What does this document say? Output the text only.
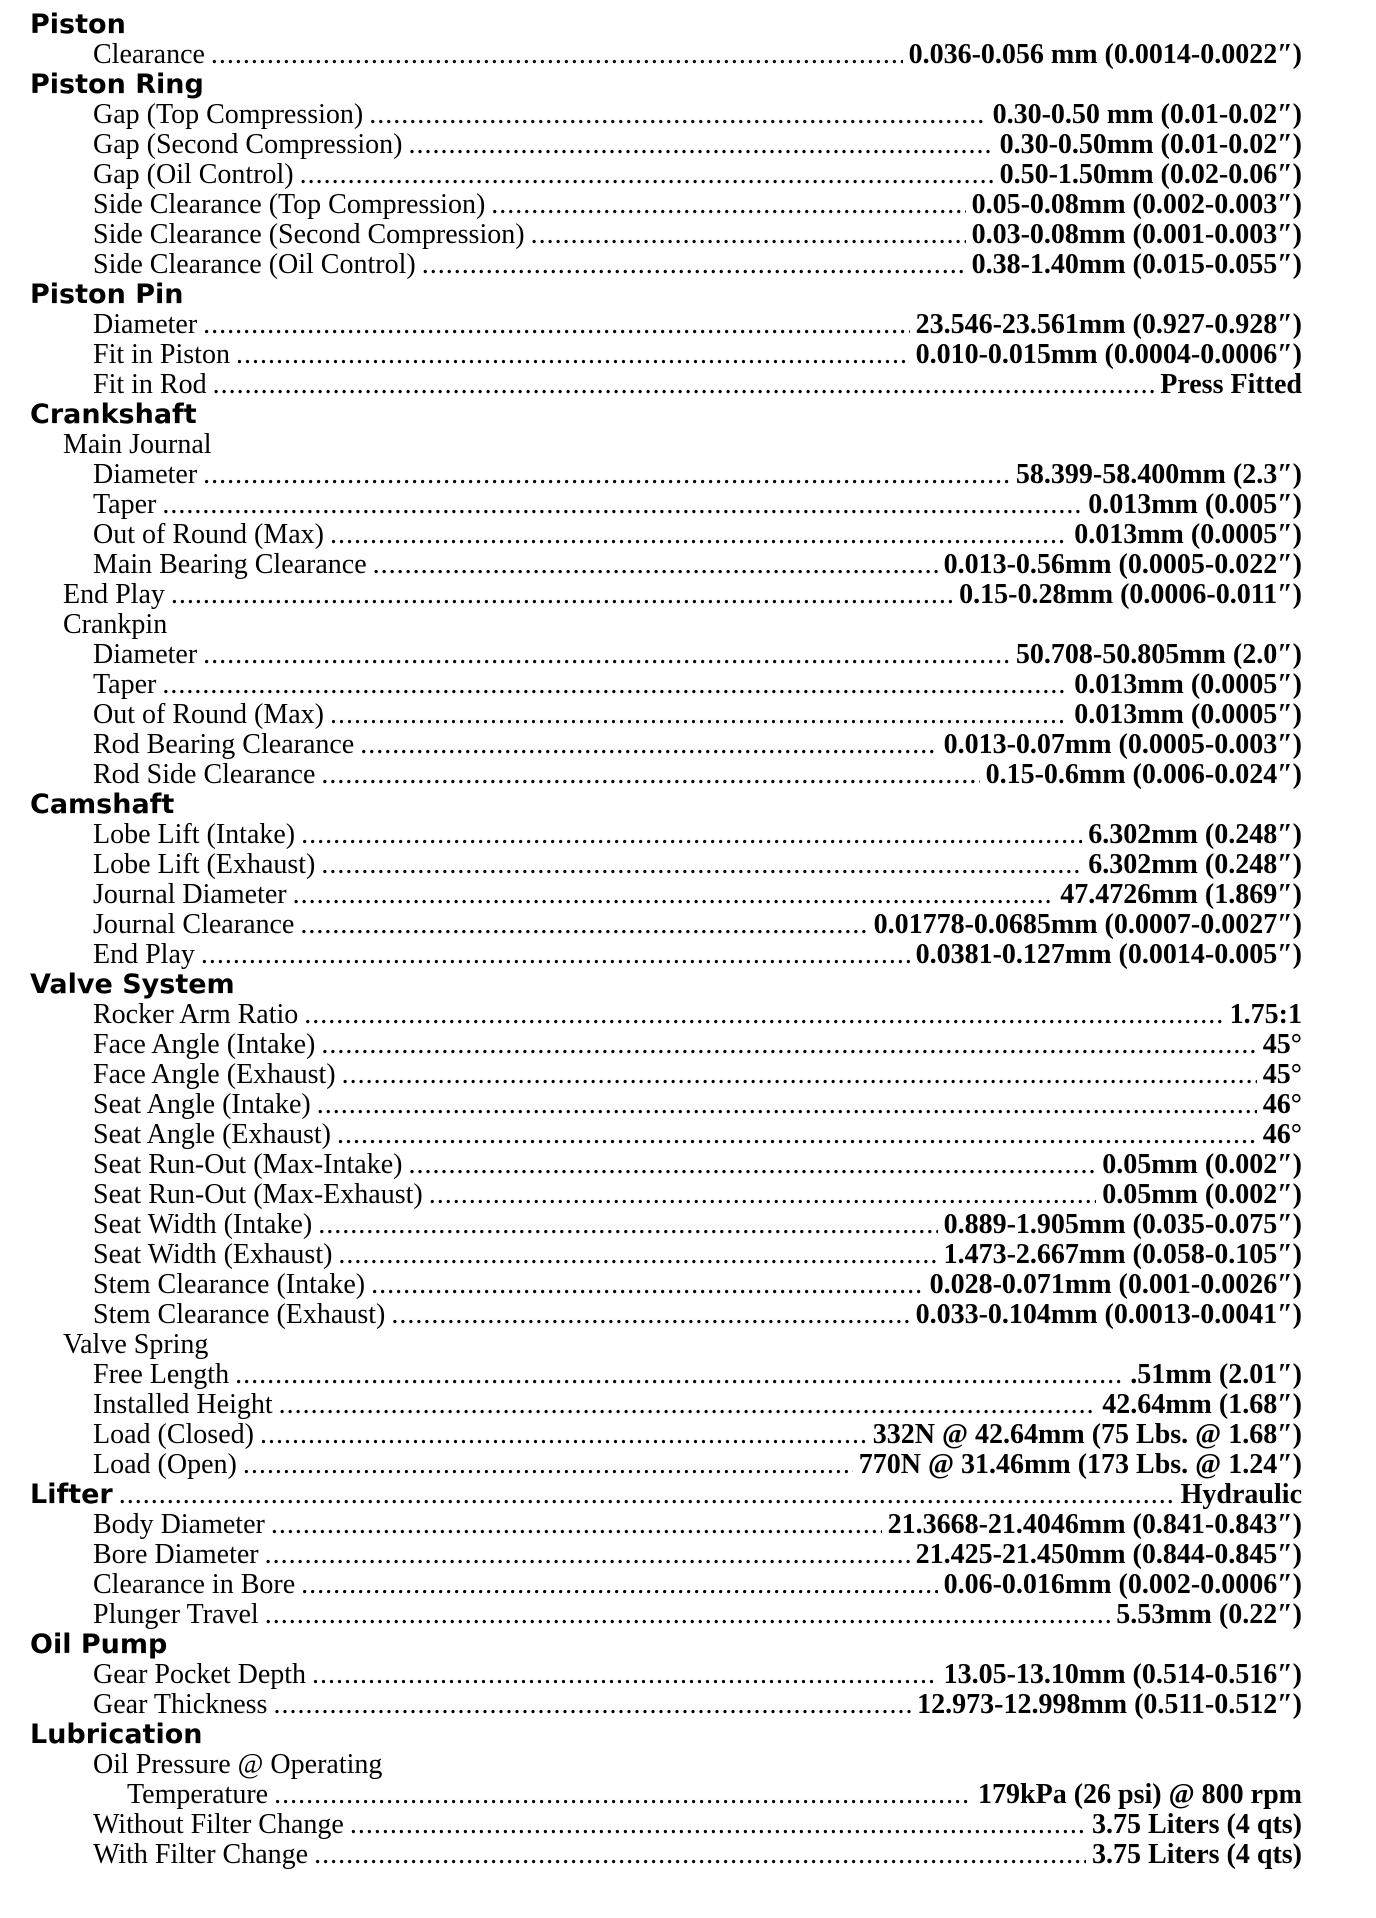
Piston
Clearance .....	0.036-0.056 mm (0.0014-0.0022″)
Piston Ring
Gap (Top Compression) .....	0.30-0.50 mm (0.01-0.02″)
Gap (Second Compression) .....	0.30-0.50mm (0.01-0.02″)
Gap (Oil Control) .....	0.50-1.50mm (0.02-0.06″)
Side Clearance (Top Compression) .....	0.05-0.08mm (0.002-0.003″)
Side Clearance (Second Compression) .....	0.03-0.08mm (0.001-0.003″)
Side Clearance (Oil Control) .....	0.38-1.40mm (0.015-0.055″)
Piston Pin
Diameter .....	23.546-23.561mm (0.927-0.928″)
Fit in Piston .....	0.010-0.015mm (0.0004-0.0006″)
Fit in Rod .....	Press Fitted
Crankshaft
Main Journal
Diameter .....	58.399-58.400mm (2.3″)
Taper .....	0.013mm (0.005″)
Out of Round (Max) .....	0.013mm (0.0005″)
Main Bearing Clearance .....	0.013-0.56mm (0.0005-0.022″)
End Play .....	0.15-0.28mm (0.0006-0.011″)
Crankpin
Diameter .....	50.708-50.805mm (2.0″)
Taper .....	0.013mm (0.0005″)
Out of Round (Max) .....	0.013mm (0.0005″)
Rod Bearing Clearance .....	0.013-0.07mm (0.0005-0.003″)
Rod Side Clearance .....	0.15-0.6mm (0.006-0.024″)
Camshaft
Lobe Lift (Intake) .....	6.302mm (0.248″)
Lobe Lift (Exhaust) .....	6.302mm (0.248″)
Journal Diameter .....	47.4726mm (1.869″)
Journal Clearance .....	0.01778-0.0685mm (0.0007-0.0027″)
End Play .....	0.0381-0.127mm (0.0014-0.005″)
Valve System
Rocker Arm Ratio .....	1.75:1
Face Angle (Intake) .....	45°
Face Angle (Exhaust) .....	45°
Seat Angle (Intake) .....	46°
Seat Angle (Exhaust) .....	46°
Seat Run-Out (Max-Intake) .....	0.05mm (0.002″)
Seat Run-Out (Max-Exhaust) .....	0.05mm (0.002″)
Seat Width (Intake) .....	0.889-1.905mm (0.035-0.075″)
Seat Width (Exhaust) .....	1.473-2.667mm (0.058-0.105″)
Stem Clearance (Intake) .....	0.028-0.071mm (0.001-0.0026″)
Stem Clearance (Exhaust) .....	0.033-0.104mm (0.0013-0.0041″)
Valve Spring
Free Length .....	.51mm (2.01″)
Installed Height .....	42.64mm (1.68″)
Load (Closed) .....	332N @ 42.64mm (75 Lbs. @ 1.68″)
Load (Open) .....	770N @ 31.46mm (173 Lbs. @ 1.24″)
Lifter .....	Hydraulic
Body Diameter .....	21.3668-21.4046mm (0.841-0.843″)
Bore Diameter .....	21.425-21.450mm (0.844-0.845″)
Clearance in Bore .....	0.06-0.016mm (0.002-0.0006″)
Plunger Travel .....	5.53mm (0.22″)
Oil Pump
Gear Pocket Depth .....	13.05-13.10mm (0.514-0.516″)
Gear Thickness .....	12.973-12.998mm (0.511-0.512″)
Lubrication
Oil Pressure @ Operating
Temperature .....	179kPa (26 psi) @ 800 rpm
Without Filter Change .....	3.75 Liters (4 qts)
With Filter Change .....	3.75 Liters (4 qts)
